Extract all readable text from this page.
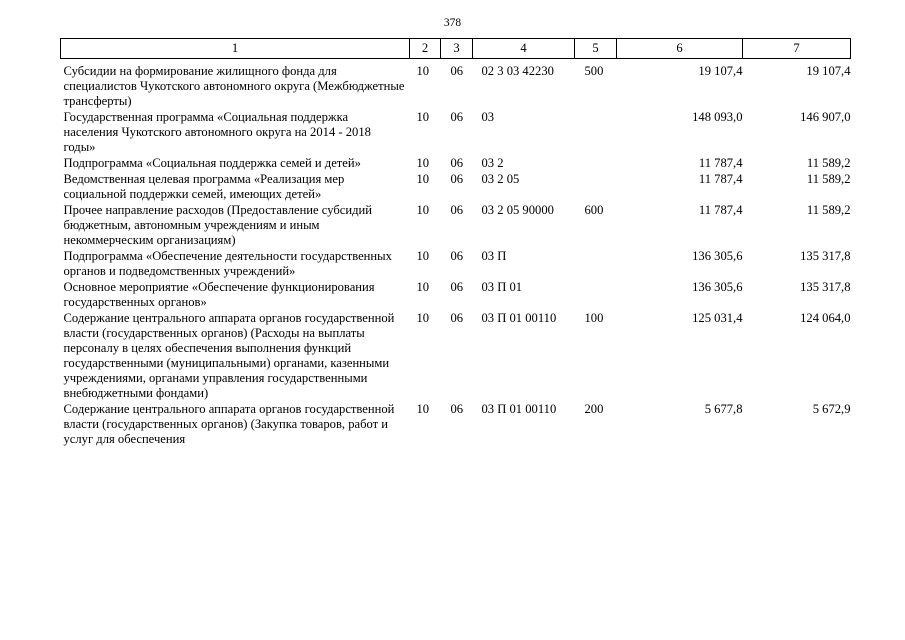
378
1	2	3	4	5	6	7
Субсидии на формирование жилищного фонда для специалистов Чукотского автономного округа (Межбюджетные трансферты)	10	06	02 3 03 42230	500	19 107,4	19 107,4
Государственная программа «Социальная поддержка населения Чукотского автономного округа на 2014 - 2018 годы»	10	06	03		148 093,0	146 907,0
Подпрограмма «Социальная поддержка семей и детей»	10	06	03 2		11 787,4	11 589,2
Ведомственная целевая программа «Реализация мер социальной поддержки семей, имеющих детей»	10	06	03 2 05		11 787,4	11 589,2
Прочее направление расходов (Предоставление субсидий бюджетным, автономным учреждениям и иным некоммерческим организациям)	10	06	03 2 05 90000	600	11 787,4	11 589,2
Подпрограмма «Обеспечение деятельности государственных органов и подведомственных учреждений»	10	06	03 П		136 305,6	135 317,8
Основное мероприятие «Обеспечение функционирования государственных органов»	10	06	03 П 01		136 305,6	135 317,8
Содержание центрального аппарата органов государственной власти (государственных органов) (Расходы на выплаты персоналу в целях обеспечения выполнения функций государственными (муниципальными) органами, казенными учреждениями, органами управления государственными внебюджетными фондами)	10	06	03 П 01 00110	100	125 031,4	124 064,0
Содержание центрального аппарата органов государственной власти (государственных органов) (Закупка товаров, работ и услуг для обеспечения	10	06	03 П 01 00110	200	5 677,8	5 672,9
